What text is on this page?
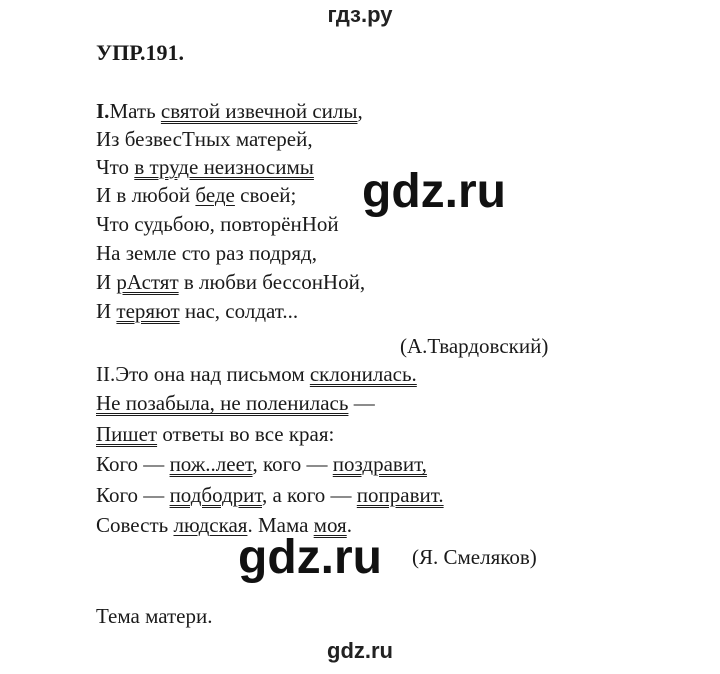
гдз.ру
УПР.191.
I.Мать святой извечной силы,
Из безвесТных матерей,
Что в труде неизносимы
И в любой беде своей;
Что судьбою, повторёнНой
На земле сто раз подряд,
И рАстят в любви бессонНой,
И теряют нас, солдат...
(А.Твардовский)
II.Это она над письмом склонилась.
Не позабыла, не поленилась —
Пишет ответы во все края:
Кого — пож..леет, кого — поздравит,
Кого — подбодрит, а кого — поправит.
Совесть людская. Мама моя.
(Я. Смеляков)
Тема матери.
gdz.ru
gdz.ru
gdz.ru
